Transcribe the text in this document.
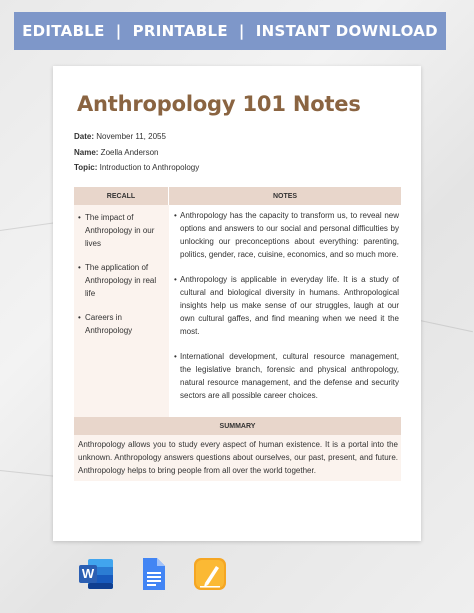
EDITABLE  |  PRINTABLE  |  INSTANT DOWNLOAD
Anthropology 101 Notes
Date: November 11, 2055
Name: Zoella Anderson
Topic: Introduction to Anthropology
RECALL	NOTES
• The impact of Anthropology in our lives
• The application of Anthropology in real life
• Careers in Anthropology
• Anthropology has the capacity to transform us, to reveal new options and answers to our social and personal difficulties by unlocking our preconceptions about everything: parenting, politics, gender, race, cuisine, economics, and so much more.
• Anthropology is applicable in everyday life. It is a study of cultural and biological diversity in humans. Anthropological insights help us make sense of our struggles, laugh at our own cultural gaffes, and find meaning when we need it the most.
• International development, cultural resource management, the legislative branch, forensic and physical anthropology, natural resource management, and the defense and security sectors are all possible career choices.
SUMMARY
Anthropology allows you to study every aspect of human existence. It is a portal into the unknown. Anthropology answers questions about ourselves, our past, present, and future. Anthropology helps to bring people from all over the world together.
W
